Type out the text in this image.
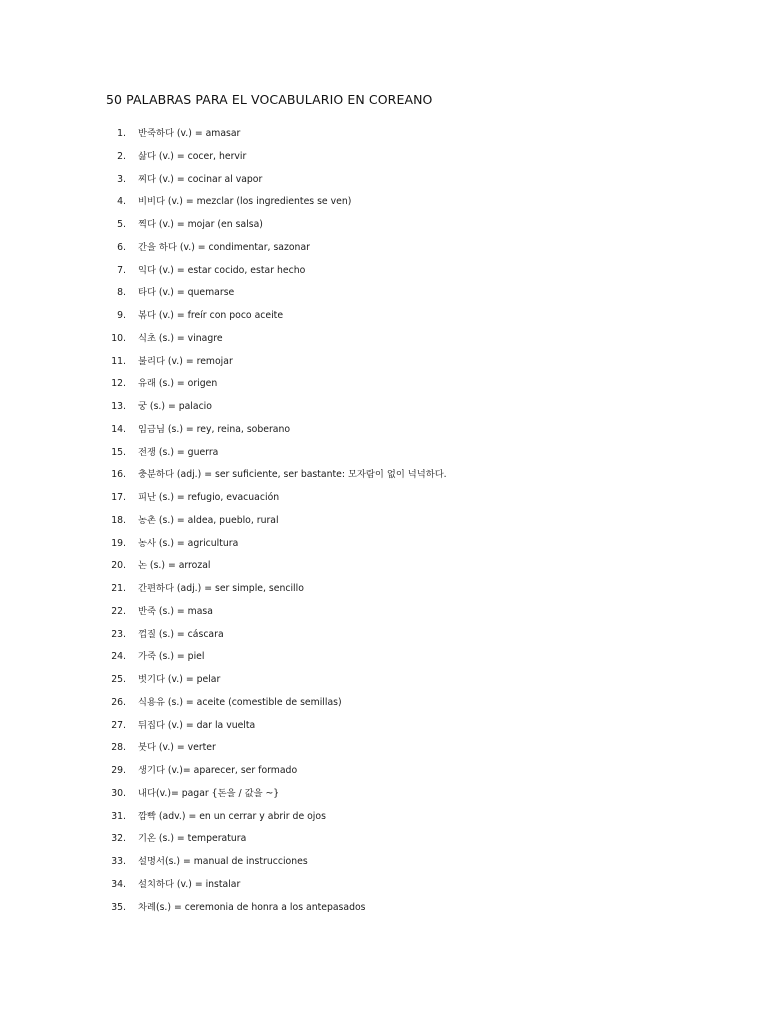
50 PALABRAS PARA EL VOCABULARIO EN COREANO
1. 반죽하다 (v.) = amasar
2. 삶다 (v.) = cocer, hervir
3. 찌다 (v.) = cocinar al vapor
4. 비비다 (v.) = mezclar (los ingredientes se ven)
5. 찍다 (v.) = mojar (en salsa)
6. 간을 하다 (v.) = condimentar, sazonar
7. 익다 (v.) = estar cocido, estar hecho
8. 타다 (v.) = quemarse
9. 볶다 (v.) = freír con poco aceite
10. 식초 (s.) = vinagre
11. 불리다 (v.) = remojar
12. 유래 (s.) = origen
13. 궁 (s.) = palacio
14. 임금님 (s.) = rey, reina, soberano
15. 전쟁 (s.) = guerra
16. 충분하다 (adj.) = ser suficiente, ser bastante: 모자람이 없이 넉넉하다.
17. 피난 (s.) = refugio, evacuación
18. 농촌 (s.) = aldea, pueblo, rural
19. 농사 (s.) = agricultura
20. 논 (s.) = arrozal
21. 간편하다 (adj.) = ser simple, sencillo
22. 반죽 (s.) = masa
23. 껍질 (s.) = cáscara
24. 가죽 (s.) = piel
25. 벗기다 (v.) = pelar
26. 식용유 (s.) = aceite (comestible de semillas)
27. 뒤집다 (v.) = dar la vuelta
28. 붓다 (v.) = verter
29. 생기다 (v.)= aparecer, ser formado
30. 내다(v.)= pagar {돈을 / 값을 ~}
31. 깜빡 (adv.) = en un cerrar y abrir de ojos
32. 기온 (s.) = temperatura
33. 설명서(s.) = manual de instrucciones
34. 설치하다 (v.) = instalar
35. 차례(s.) = ceremonia de honra a los antepasados
